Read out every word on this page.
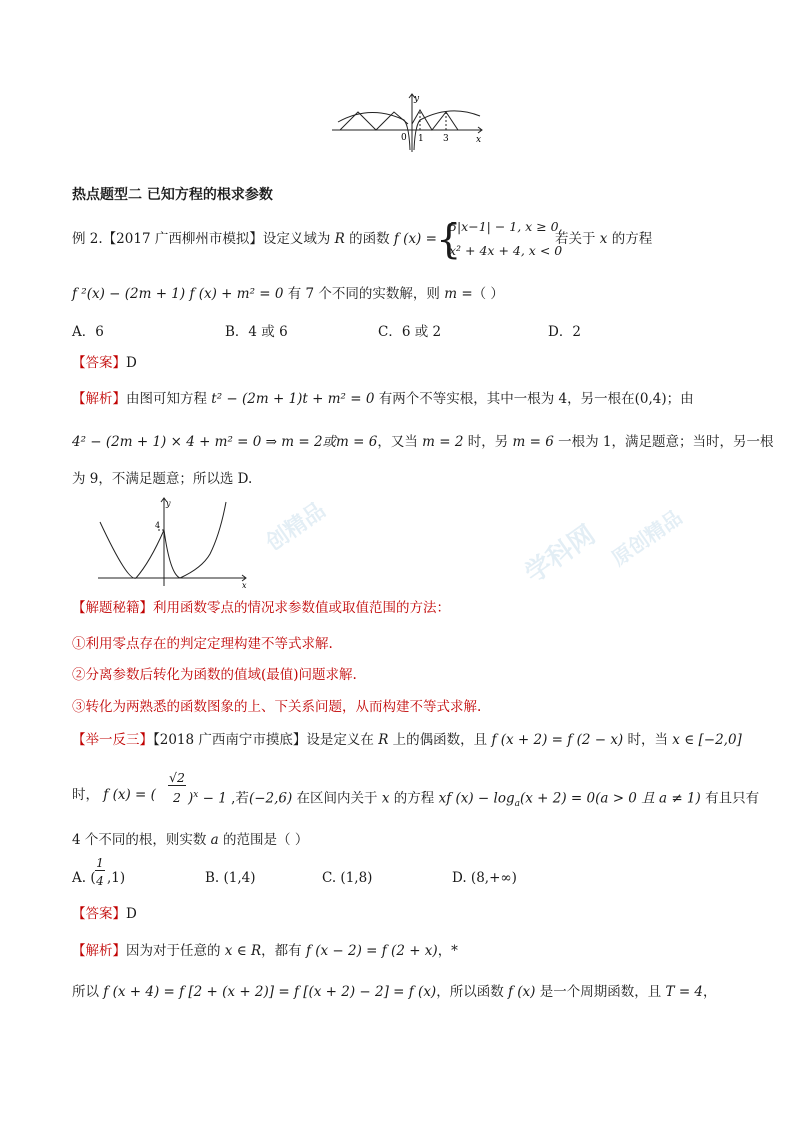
y
x
0 1 3
热点题型二 已知方程的根求参数
例 2.【2017 广西柳州市模拟】设定义域为 R 的函数 f (x) = {
5|x−1| − 1, x ≥ 0,
x² + 4x + 4, x < 0
若关于 x 的方程
f ²(x) − (2m + 1) f (x) + m² = 0 有 7 个不同的实数解，则 m =（ ）
A．6	B．4 或 6	C．6 或 2	D．2
【答案】D
【解析】由图可知方程 t² − (2m + 1)t + m² = 0 有两个不等实根，其中一根为 4，另一根在(0,4)；由
4² − (2m + 1) × 4 + m² = 0 ⇒ m = 2或m = 6，又当 m = 2 时，另 m = 6 一根为 1，满足题意；当时，另一根
为 9，不满足题意；所以选 D.
y
x
4	创精品	学科网 原创精品
【解题秘籍】利用函数零点的情况求参数值或取值范围的方法：
①利用零点存在的判定定理构建不等式求解.
②分离参数后转化为函数的值域(最值)问题求解.
③转化为两熟悉的函数图象的上、下关系问题，从而构建不等式求解.
【举一反三】【2018 广西南宁市摸底】设是定义在 R 上的偶函数，且 f (x + 2) = f (2 − x) 时，当 x ∈ [−2,0]
时， f (x) = (
√2
2 )$^x$ − 1 ,若(−2,6) 在区间内关于 x 的方程 xf $(x) - \log_a(x + 2) = 0(a > 0$ 且 a ≠ 1) 有且只有
4 个不同的根，则实数 a 的范围是（ ）
A. (
1
4 ,1)	B. (1,4)	C. (1,8)	D. (8,+∞)
【答案】D
【解析】因为对于任意的 x ∈ R，都有 f (x − 2) = f (2 + x)，*
所以 f (x + 4) = f [2 + (x + 2)] = f [(x + 2) − 2] = f (x)，所以函数 f (x) 是一个周期函数，且 T = 4，
